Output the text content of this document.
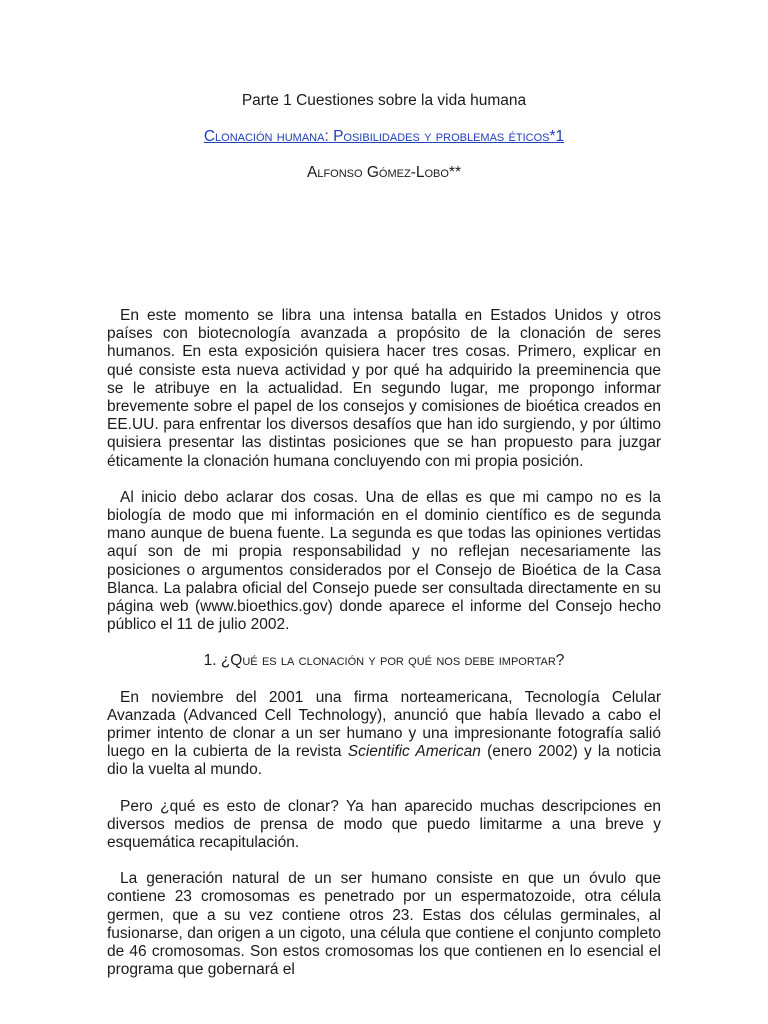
Parte 1 Cuestiones sobre la vida humana
Clonación humana: Posibilidades y problemas éticos*1
Alfonso Gómez-Lobo**

En este momento se libra una intensa batalla en Estados Unidos y otros países con biotecnología avanzada a propósito de la clonación de seres humanos. En esta exposición quisiera hacer tres cosas. Primero, explicar en qué consiste esta nueva actividad y por qué ha adquirido la preeminencia que se le atribuye en la actualidad. En segundo lugar, me propongo informar brevemente sobre el papel de los consejos y comisiones de bioética creados en EE.UU. para enfrentar los diversos desafíos que han ido surgiendo, y por último quisiera presentar las distintas posiciones que se han propuesto para juzgar éticamente la clonación humana concluyendo con mi propia posición.

Al inicio debo aclarar dos cosas. Una de ellas es que mi campo no es la biología de modo que mi información en el dominio científico es de segunda mano aunque de buena fuente. La segunda es que todas las opiniones vertidas aquí son de mi propia responsabilidad y no reflejan necesariamente las posiciones o argumentos considerados por el Consejo de Bioética de la Casa Blanca. La palabra oficial del Consejo puede ser consultada directamente en su página web (www.bioethics.gov) donde aparece el informe del Consejo hecho público el 11 de julio 2002.

1. ¿Qué es la clonación y por qué nos debe importar?

En noviembre del 2001 una firma norteamericana, Tecnología Celular Avanzada (Advanced Cell Technology), anunció que había llevado a cabo el primer intento de clonar a un ser humano y una impresionante fotografía salió luego en la cubierta de la revista Scientific American (enero 2002) y la noticia dio la vuelta al mundo.

Pero ¿qué es esto de clonar? Ya han aparecido muchas descripciones en diversos medios de prensa de modo que puedo limitarme a una breve y esquemática recapitulación.

La generación natural de un ser humano consiste en que un óvulo que contiene 23 cromosomas es penetrado por un espermatozoide, otra célula germen, que a su vez contiene otros 23. Estas dos células germinales, al fusionarse, dan origen a un cigoto, una célula que contiene el conjunto completo de 46 cromosomas. Son estos cromosomas los que contienen en lo esencial el programa que gobernará el
